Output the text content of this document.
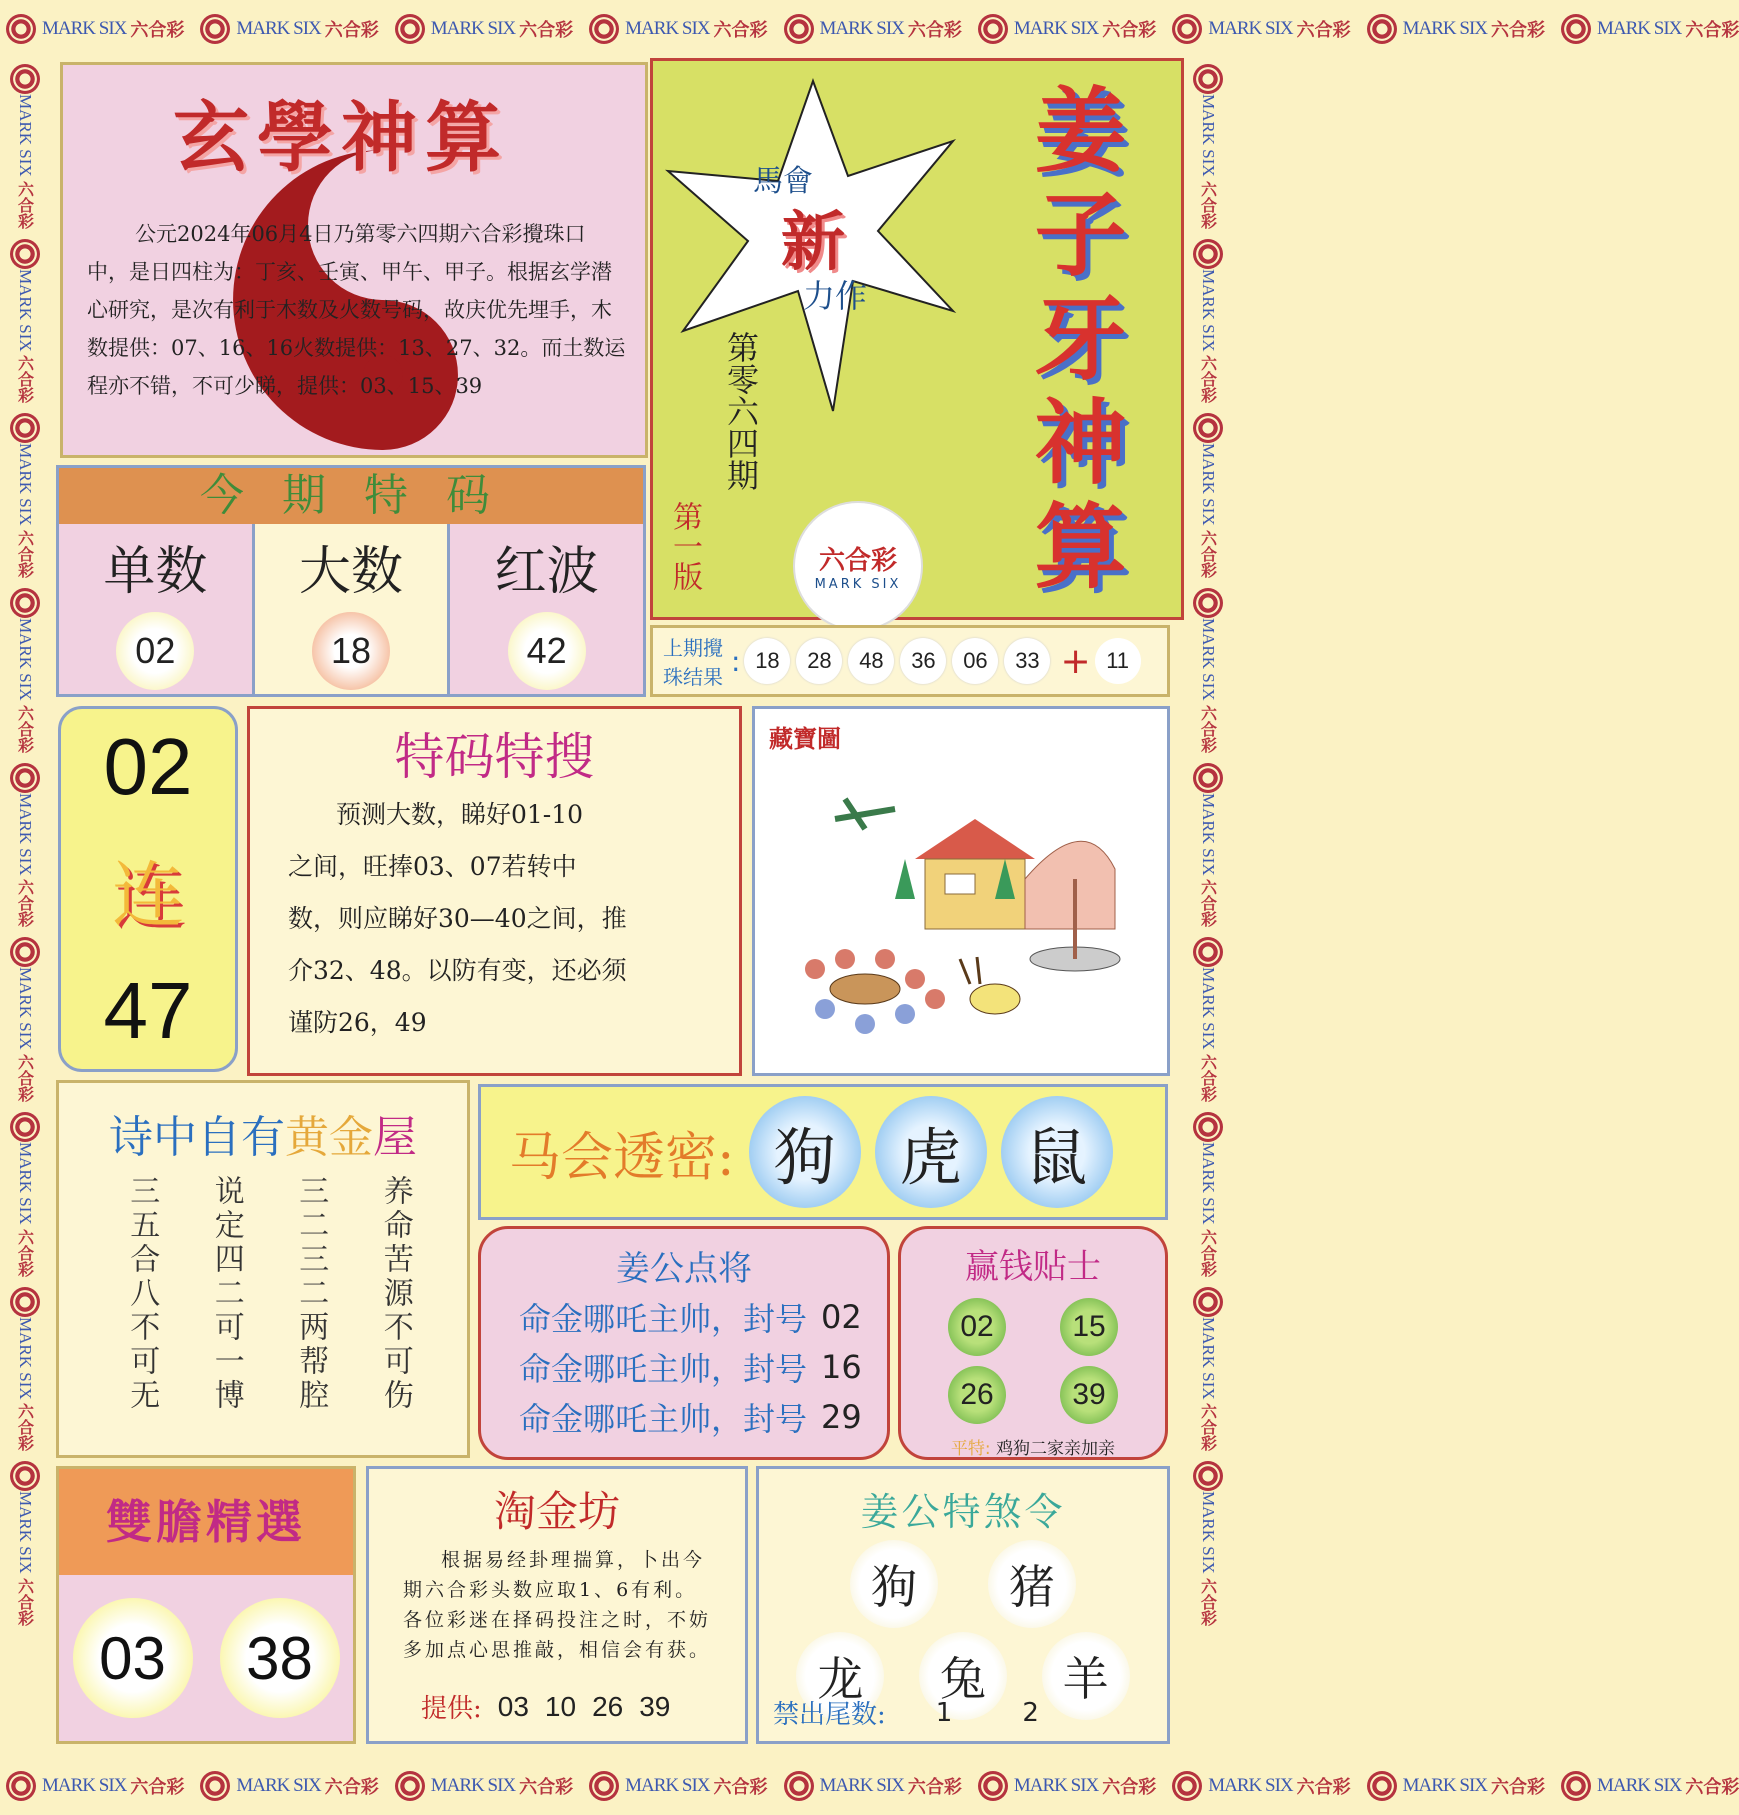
MARK SIX 六合彩	MARK SIX 六合彩	MARK SIX 六合彩	MARK SIX 六合彩	MARK SIX 六合彩	MARK SIX 六合彩	MARK SIX 六合彩	MARK SIX 六合彩	MARK SIX 六合彩
MARK SIX 六合彩	MARK SIX 六合彩	MARK SIX 六合彩	MARK SIX 六合彩	MARK SIX 六合彩	MARK SIX 六合彩	MARK SIX 六合彩	MARK SIX 六合彩	MARK SIX 六合彩
MARK SIX
六合彩
MARK SIX
六合彩
MARK SIX
六合彩
MARK SIX
六合彩
MARK SIX
六合彩
MARK SIX
六合彩
MARK SIX
六合彩
MARK SIX
六合彩
MARK SIX
六合彩
MARK SIX
六合彩
MARK SIX
六合彩
MARK SIX
六合彩
MARK SIX
六合彩
MARK SIX
六合彩
MARK SIX
六合彩
MARK SIX
六合彩
MARK SIX
六合彩
MARK SIX
六合彩
玄學神算
公元2024年06月4日乃第零六四期六合彩攪珠口中，是日四柱为：丁亥、壬寅、甲午、甲子。根据玄学潜心研究，是次有利于木数及火数号码，故庆优先埋手，木数提供：07、16、16火数提供：13、27、32。而土数运程亦不错，不可少睇，提供：03、15、39
馬會
新
力作
第零六四期
第一版	六合彩
MARK SIX
姜
子
牙
神
算
上期攪
珠结果 : 18	28	48	36	06	33 + 11
今 期 特 码
单数
02
大数
18
红波
42
02
连
47
特码特搜
预测大数，睇好01-10
之间，旺捧03、07若转中
数，则应睇好30—40之间，推
介32、48。以防有变，还必须
谨防26，49
藏寶圖
诗中自有黄金屋
三五合八不可无 说定四二可一博 三二三二两帮腔 养命苦源不可伤
马会透密: 狗	虎	鼠
姜公点将
命金哪吒主帅，封号 02
命金哪吒主帅，封号 16
命金哪吒主帅，封号 29
赢钱贴士
02	15
26	39
平特: 鸡狗二家亲加亲
雙膽精選
03	38
淘金坊
根据易经卦理揣算，卜出今期六合彩头数应取1、6有利。各位彩迷在择码投注之时，不妨多加点心思推敲，相信会有获。
提供: 03 10 26 39
姜公特煞令
狗	猪
龙	兔	羊
禁出尾数: 1	2
